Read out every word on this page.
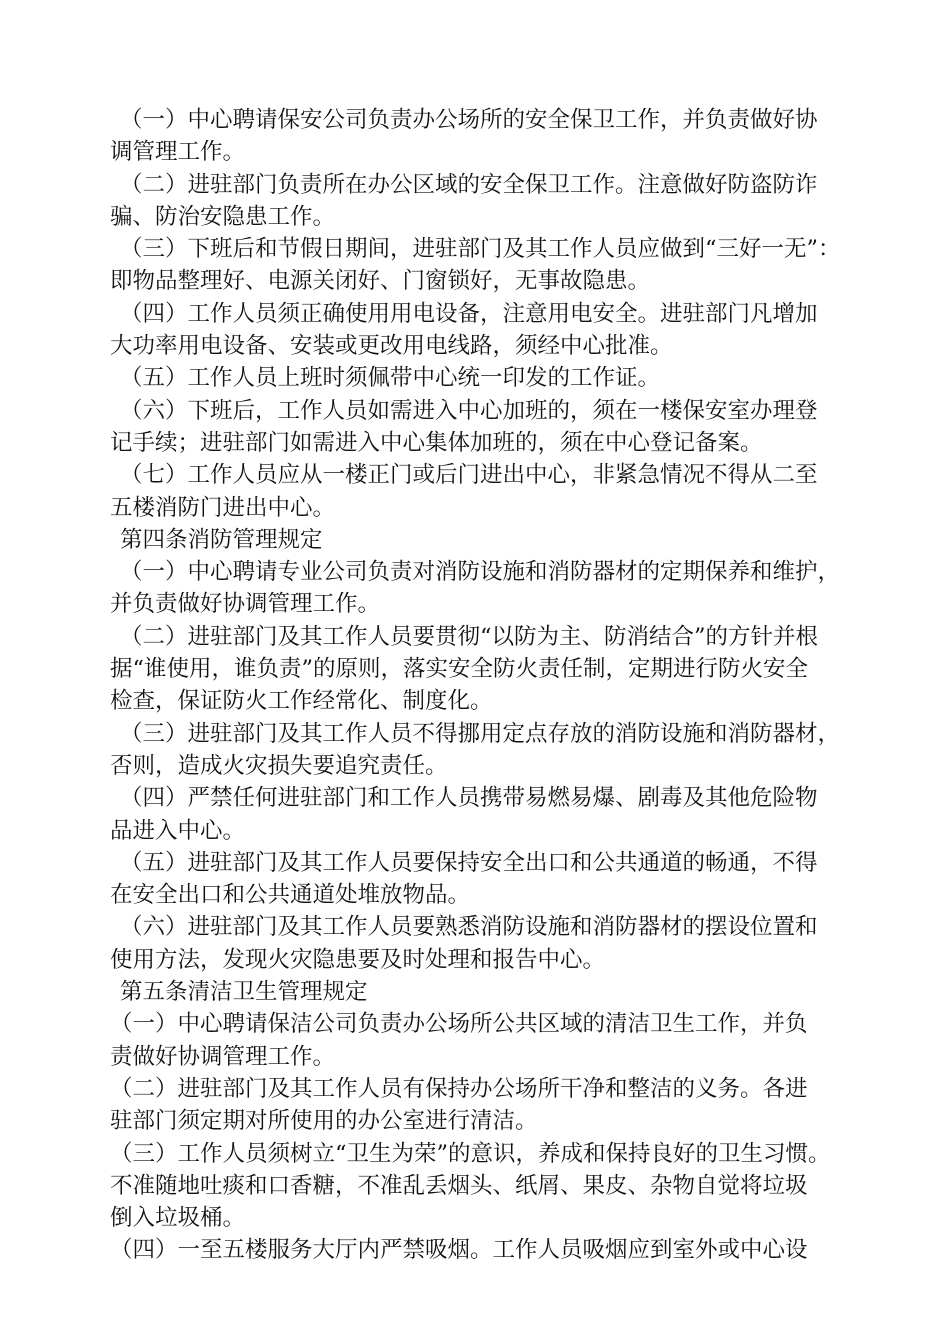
（一）中心聘请保安公司负责办公场所的安全保卫工作，并负责做好协
调管理工作。
（二）进驻部门负责所在办公区域的安全保卫工作。注意做好防盗防诈
骗、防治安隐患工作。
（三）下班后和节假日期间，进驻部门及其工作人员应做到“三好一无”：
即物品整理好、电源关闭好、门窗锁好，无事故隐患。
（四）工作人员须正确使用用电设备，注意用电安全。进驻部门凡增加
大功率用电设备、安装或更改用电线路，须经中心批准。
（五）工作人员上班时须佩带中心统一印发的工作证。
（六）下班后，工作人员如需进入中心加班的，须在一楼保安室办理登
记手续；进驻部门如需进入中心集体加班的，须在中心登记备案。
（七）工作人员应从一楼正门或后门进出中心，非紧急情况不得从二至
五楼消防门进出中心。
第四条消防管理规定
（一）中心聘请专业公司负责对消防设施和消防器材的定期保养和维护，
并负责做好协调管理工作。
（二）进驻部门及其工作人员要贯彻“以防为主、防消结合”的方针并根
据“谁使用，谁负责”的原则，落实安全防火责任制，定期进行防火安全
检查，保证防火工作经常化、制度化。
（三）进驻部门及其工作人员不得挪用定点存放的消防设施和消防器材，
否则，造成火灾损失要追究责任。
（四）严禁任何进驻部门和工作人员携带易燃易爆、剧毒及其他危险物
品进入中心。
（五）进驻部门及其工作人员要保持安全出口和公共通道的畅通，不得
在安全出口和公共通道处堆放物品。
（六）进驻部门及其工作人员要熟悉消防设施和消防器材的摆设位置和
使用方法，发现火灾隐患要及时处理和报告中心。
第五条清洁卫生管理规定
（一）中心聘请保洁公司负责办公场所公共区域的清洁卫生工作，并负
责做好协调管理工作。
（二）进驻部门及其工作人员有保持办公场所干净和整洁的义务。各进
驻部门须定期对所使用的办公室进行清洁。
（三）工作人员须树立“卫生为荣”的意识，养成和保持良好的卫生习惯。
不准随地吐痰和口香糖，不准乱丢烟头、纸屑、果皮、杂物自觉将垃圾
倒入垃圾桶。
（四）一至五楼服务大厅内严禁吸烟。工作人员吸烟应到室外或中心设
